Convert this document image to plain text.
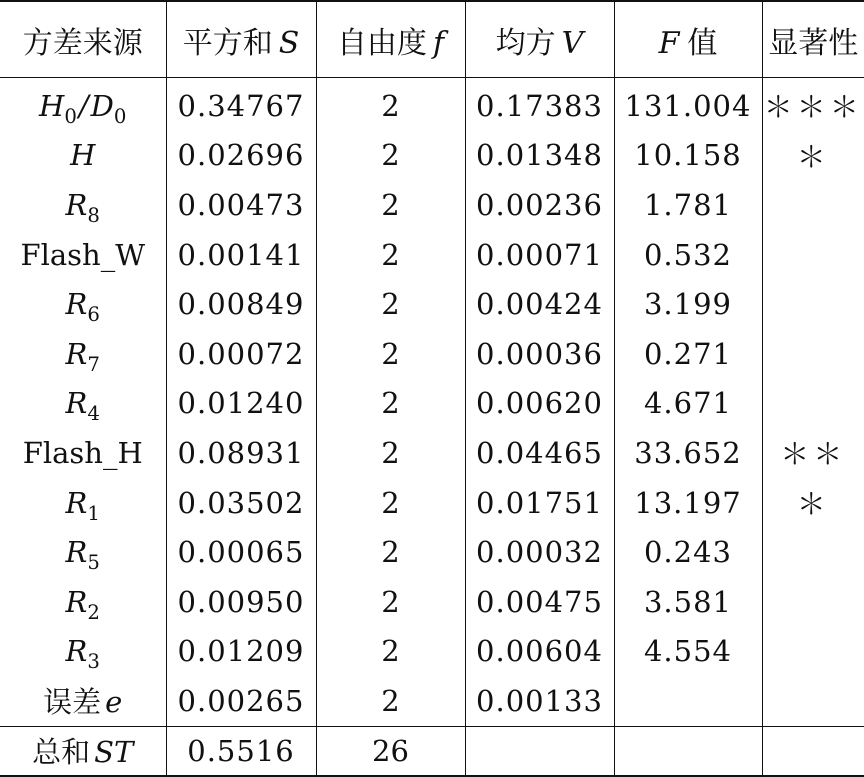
方差来源	平方和 S	自由度 f	均方 V	F 值	显著性
$H_0/D_0$	0.34767	2	0.17383	131.004	＊＊＊
H	0.02696	2	0.01348	10.158	＊
$R_8$	0.00473	2	0.00236	1.781	
Flash_W	0.00141	2	0.00071	0.532	
$R_6$	0.00849	2	0.00424	3.199	
$R_7$	0.00072	2	0.00036	0.271	
$R_4$	0.01240	2	0.00620	4.671	
Flash_H	0.08931	2	0.04465	33.652	＊＊
$R_1$	0.03502	2	0.01751	13.197	＊
$R_5$	0.00065	2	0.00032	0.243	
$R_2$	0.00950	2	0.00475	3.581	
$R_3$	0.01209	2	0.00604	4.554	
误差 e	0.00265	2	0.00133		
总和 ST	0.5516	26			
